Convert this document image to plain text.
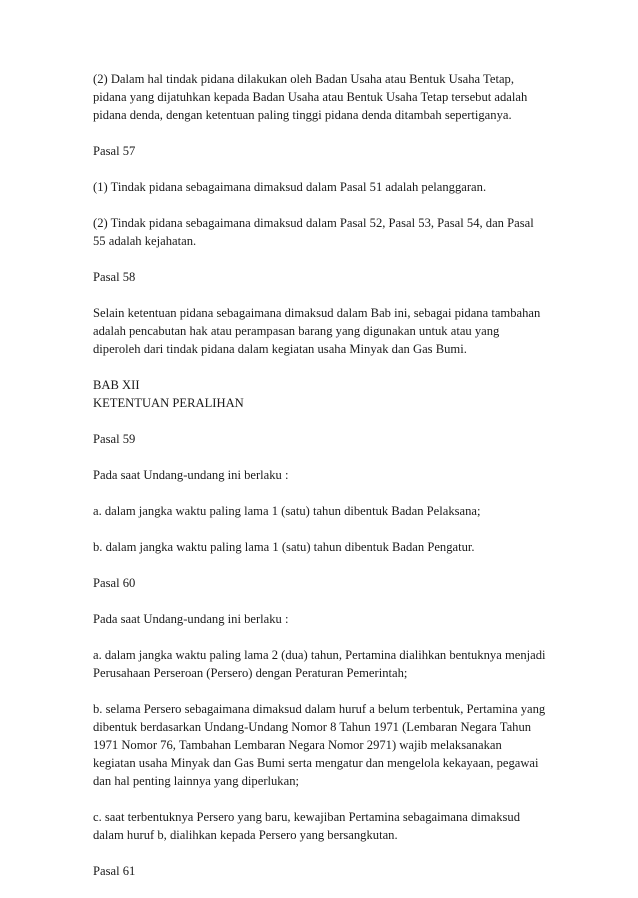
(2) Dalam hal tindak pidana dilakukan oleh Badan Usaha atau Bentuk Usaha Tetap,
pidana yang dijatuhkan kepada Badan Usaha atau Bentuk Usaha Tetap tersebut adalah
pidana denda, dengan ketentuan paling tinggi pidana denda ditambah sepertiganya.

Pasal 57

(1) Tindak pidana sebagaimana dimaksud dalam Pasal 51 adalah pelanggaran.

(2) Tindak pidana sebagaimana dimaksud dalam Pasal 52, Pasal 53, Pasal 54, dan Pasal
55 adalah kejahatan.

Pasal 58

Selain ketentuan pidana sebagaimana dimaksud dalam Bab ini, sebagai pidana tambahan
adalah pencabutan hak atau perampasan barang yang digunakan untuk atau yang
diperoleh dari tindak pidana dalam kegiatan usaha Minyak dan Gas Bumi.

BAB XII
KETENTUAN PERALIHAN

Pasal 59

Pada saat Undang-undang ini berlaku :

a. dalam jangka waktu paling lama 1 (satu) tahun dibentuk Badan Pelaksana;

b. dalam jangka waktu paling lama 1 (satu) tahun dibentuk Badan Pengatur.

Pasal 60

Pada saat Undang-undang ini berlaku :

a. dalam jangka waktu paling lama 2 (dua) tahun, Pertamina dialihkan bentuknya menjadi
Perusahaan Perseroan (Persero) dengan Peraturan Pemerintah;

b. selama Persero sebagaimana dimaksud dalam huruf a belum terbentuk, Pertamina yang
dibentuk berdasarkan Undang-Undang Nomor 8 Tahun 1971 (Lembaran Negara Tahun
1971 Nomor 76, Tambahan Lembaran Negara Nomor 2971) wajib melaksanakan
kegiatan usaha Minyak dan Gas Bumi serta mengatur dan mengelola kekayaan, pegawai
dan hal penting lainnya yang diperlukan;

c. saat terbentuknya Persero yang baru, kewajiban Pertamina sebagaimana dimaksud
dalam huruf b, dialihkan kepada Persero yang bersangkutan.

Pasal 61
